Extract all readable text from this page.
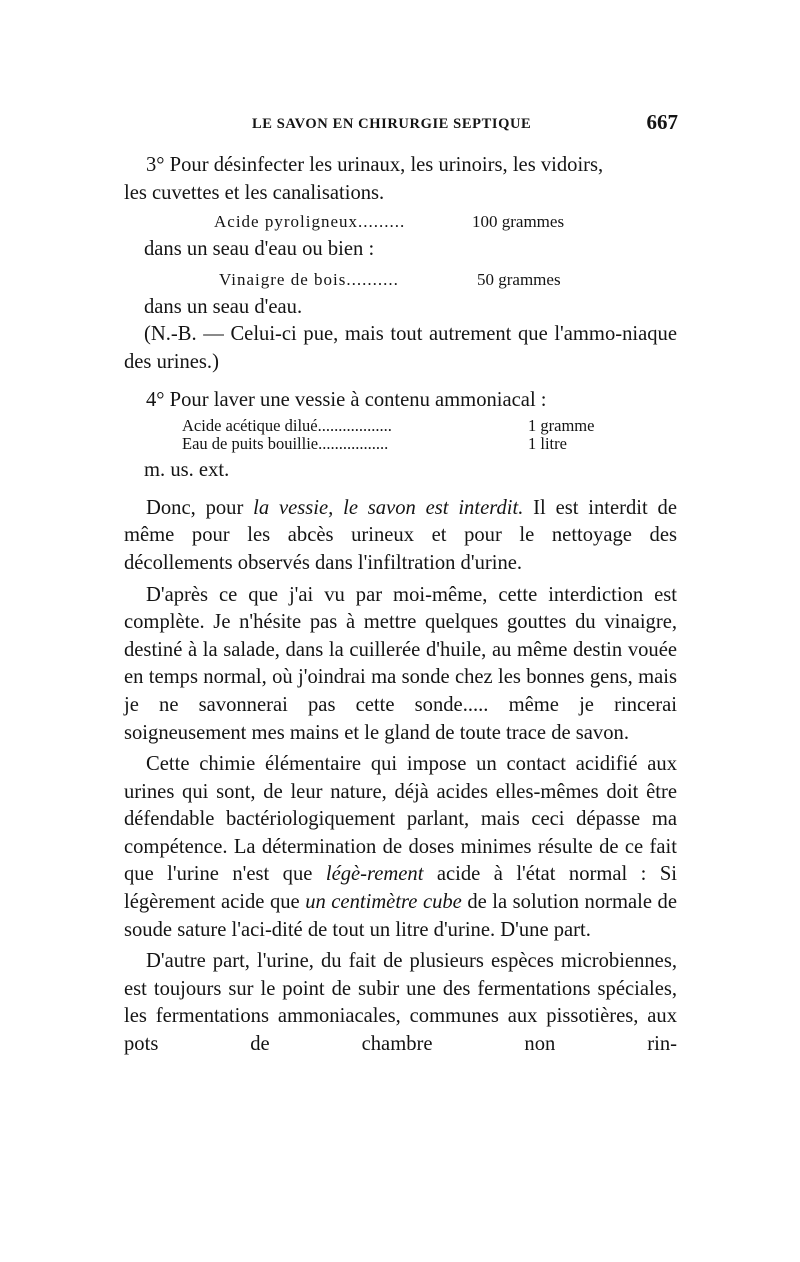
LE SAVON EN CHIRURGIE SEPTIQUE	667

3° Pour désinfecter les urinaux, les urinoirs, les vidoirs,
les cuvettes et les canalisations.

Acide pyroligneux.........	100 grammes

dans un seau d'eau ou bien :

Vinaigre de bois..........	50 grammes

dans un seau d'eau.

(N.-B. — Celui-ci pue, mais tout autrement que l'ammo-niaque des urines.)

4° Pour laver une vessie à contenu ammoniacal :

Acide acétique dilué..................	1 gramme
Eau de puits bouillie.................	1 litre

m. us. ext.

Donc, pour la vessie, le savon est interdit. Il est interdit de même pour les abcès urineux et pour le nettoyage des décollements observés dans l'infiltration d'urine.

D'après ce que j'ai vu par moi-même, cette interdiction est complète. Je n'hésite pas à mettre quelques gouttes du vinaigre, destiné à la salade, dans la cuillerée d'huile, au même destin vouée en temps normal, où j'oindrai ma sonde chez les bonnes gens, mais je ne savonnerai pas cette sonde..... même je rincerai soigneusement mes mains et le gland de toute trace de savon.

Cette chimie élémentaire qui impose un contact acidifié aux urines qui sont, de leur nature, déjà acides elles-mêmes doit être défendable bactériologiquement parlant, mais ceci dépasse ma compétence. La détermination de doses minimes résulte de ce fait que l'urine n'est que légè-rement acide à l'état normal : Si légèrement acide que un centimètre cube de la solution normale de soude sature l'aci-dité de tout un litre d'urine. D'une part.

D'autre part, l'urine, du fait de plusieurs espèces microbiennes, est toujours sur le point de subir une des fermentations spéciales, les fermentations ammoniacales, communes aux pissotières, aux pots de chambre non rin-
